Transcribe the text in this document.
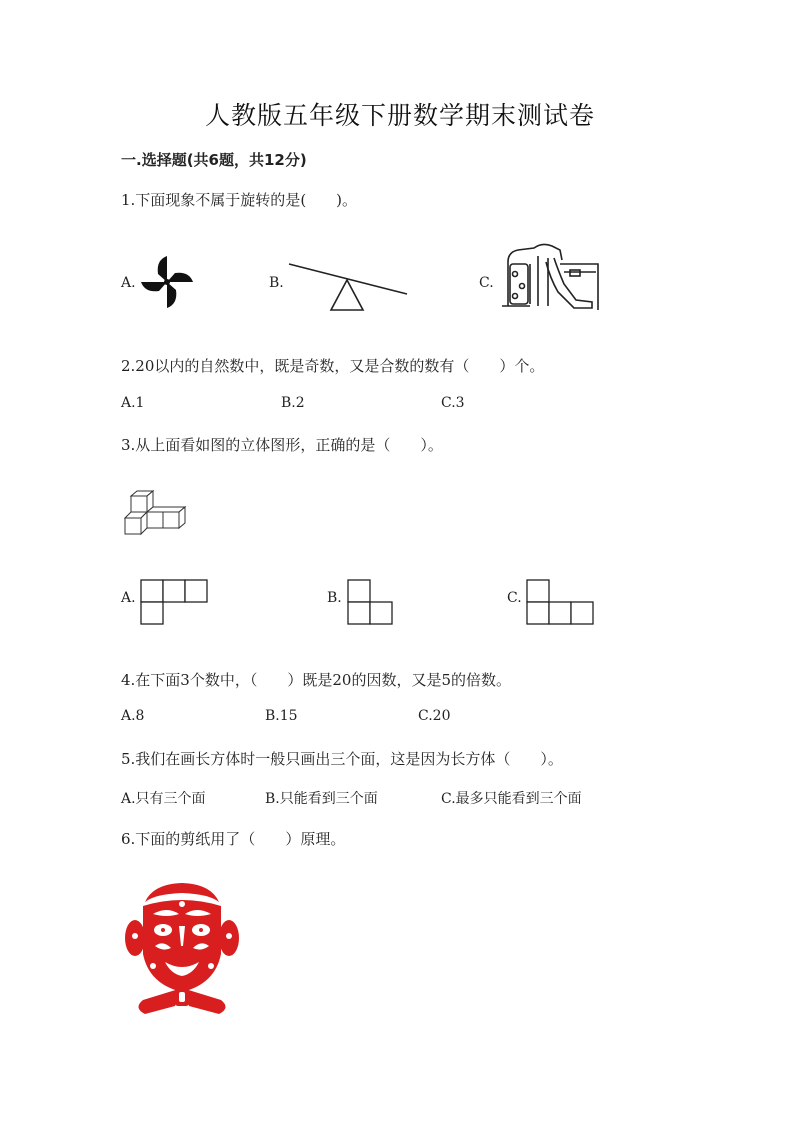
人教版五年级下册数学期末测试卷
一.选择题(共6题，共12分)
1.下面现象不属于旋转的是(　　)。
A.	B.	C.
2.20以内的自然数中，既是奇数，又是合数的数有（　　）个。
A.1	B.2	C.3
3.从上面看如图的立体图形，正确的是（　　）。
A.	B.	C.
4.在下面3个数中，（　　）既是20的因数，又是5的倍数。
A.8	B.15	C.20
5.我们在画长方体时一般只画出三个面，这是因为长方体（　　）。
A.只有三个面	B.只能看到三个面	C.最多只能看到三个面
6.下面的剪纸用了（　　）原理。
